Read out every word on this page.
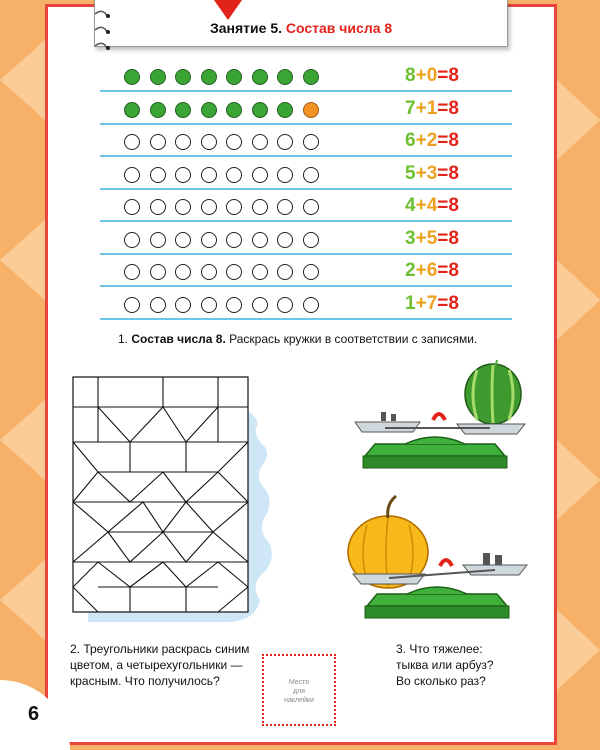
Занятие 5. Состав числа 8
8+0=8
7+1=8
6+2=8
5+3=8
4+4=8
3+5=8
2+6=8
1+7=8
1. Состав числа 8. Раскрась кружки в соответствии с записями.
2. Треугольники раскрась синим цветом, а четырехугольники — красным. Что получилось?	Место
для
наклейки
3. Что тяжелее:
тыква или арбуз?
Во сколько раз?
6
